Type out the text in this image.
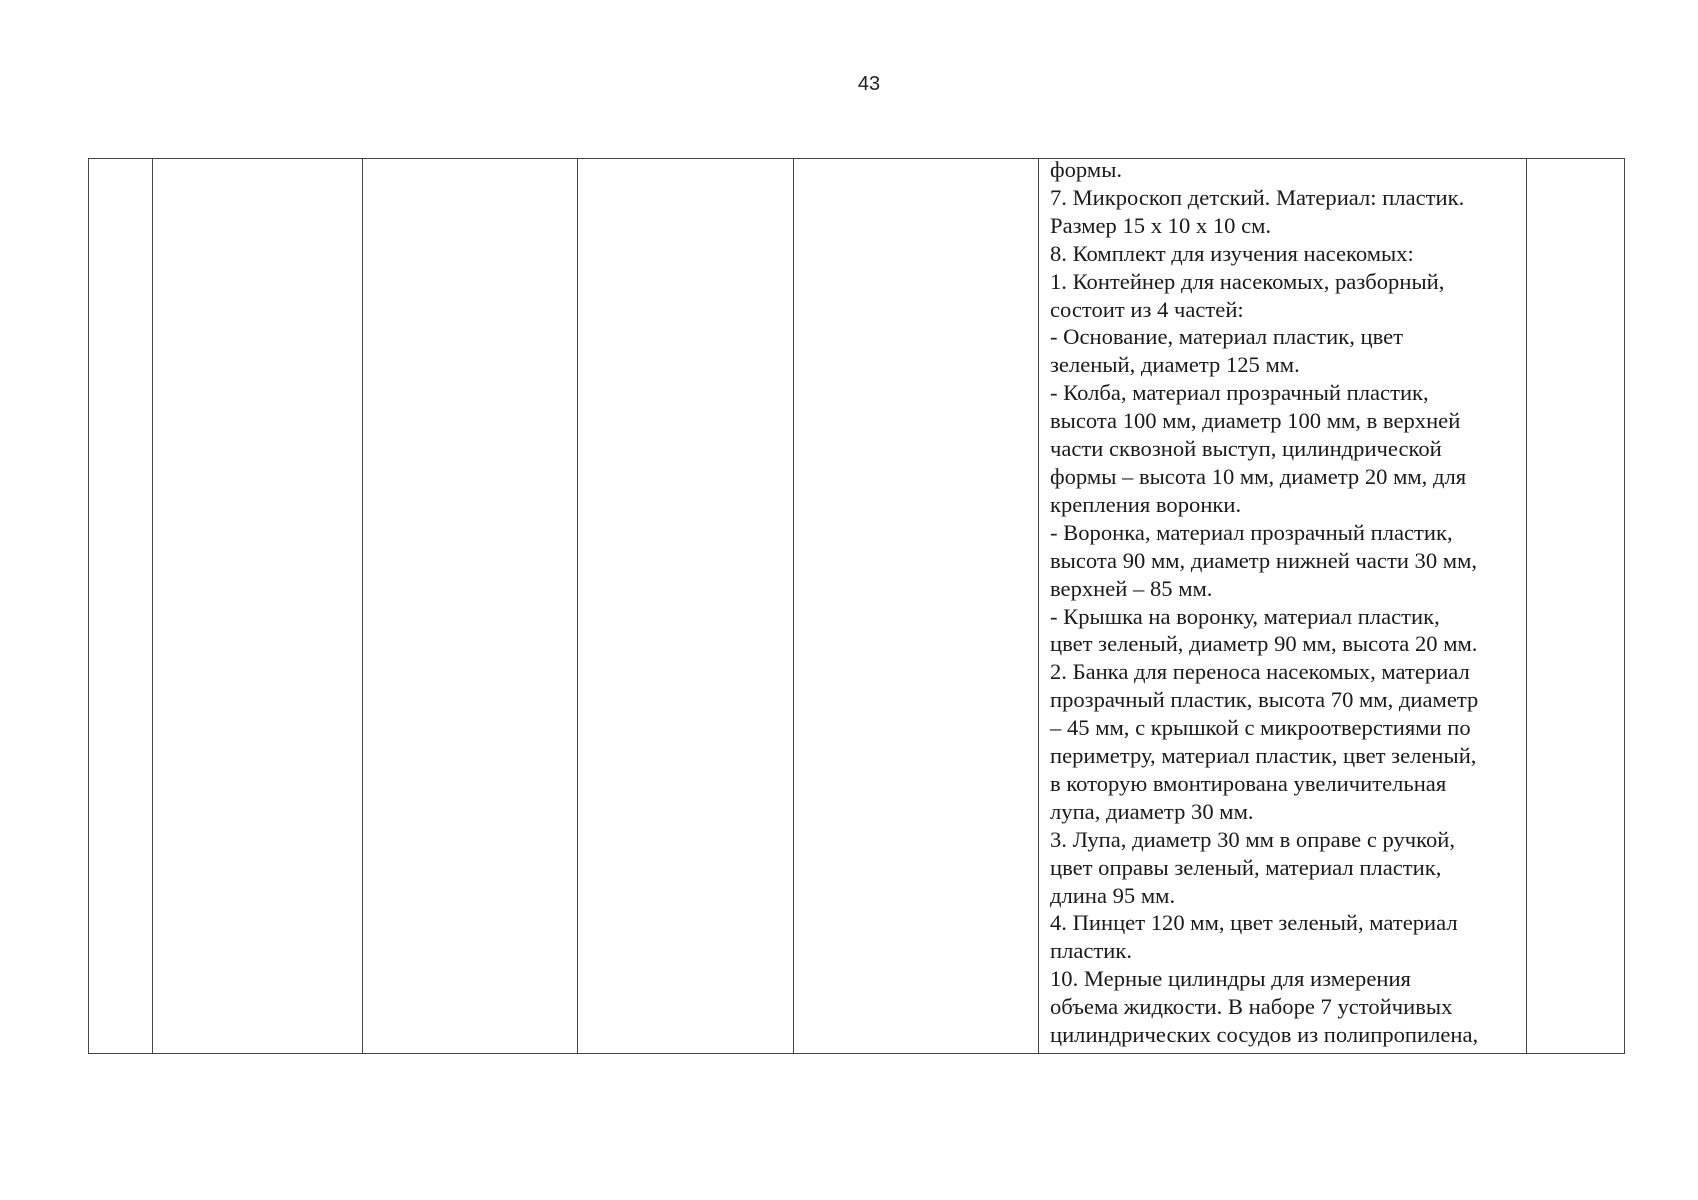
43
формы.
7. Микроскоп детский. Материал: пластик.
Размер 15 х 10 х 10 см.
8. Комплект для изучения насекомых:
1. Контейнер для насекомых, разборный,
состоит из 4 частей:
- Основание, материал пластик, цвет
зеленый, диаметр 125 мм.
- Колба, материал прозрачный пластик,
высота 100 мм, диаметр 100 мм, в верхней
части сквозной выступ, цилиндрической
формы – высота 10 мм, диаметр 20 мм, для
крепления воронки.
- Воронка, материал прозрачный пластик,
высота 90 мм, диаметр нижней части 30 мм,
верхней – 85 мм.
- Крышка на воронку, материал пластик,
цвет зеленый, диаметр 90 мм, высота 20 мм.
2. Банка для переноса насекомых, материал
прозрачный пластик, высота 70 мм, диаметр
– 45 мм, с крышкой с микроотверстиями по
периметру, материал пластик, цвет зеленый,
в которую вмонтирована увеличительная
лупа, диаметр 30 мм.
3. Лупа, диаметр 30 мм в оправе с ручкой,
цвет оправы зеленый, материал пластик,
длина 95 мм.
4. Пинцет 120 мм, цвет зеленый, материал
пластик.
10. Мерные цилиндры для измерения
объема жидкости. В наборе 7 устойчивых
цилиндрических сосудов из полипропилена,
